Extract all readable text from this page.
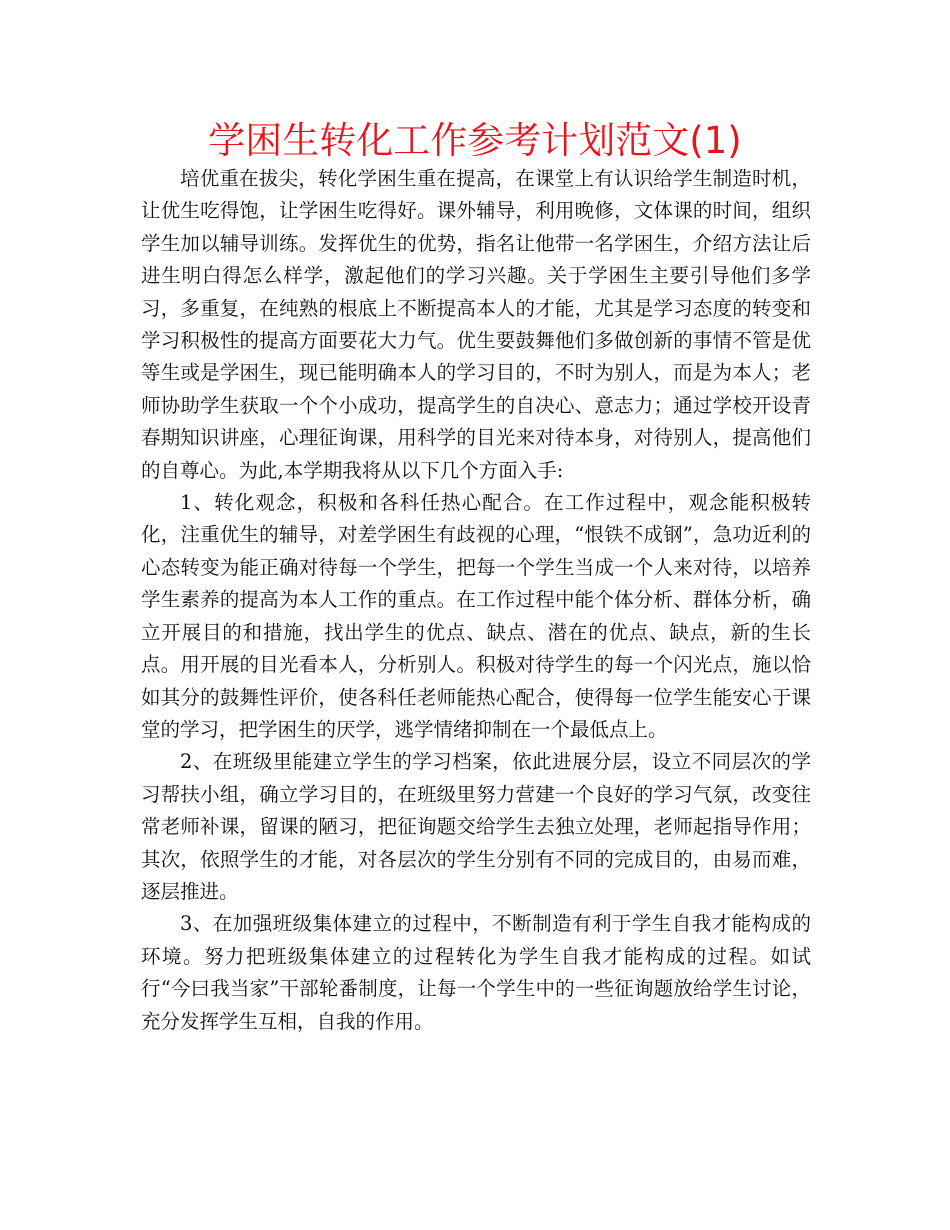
学困生转化工作参考计划范文(1)

培优重在拔尖，转化学困生重在提高，在课堂上有认识给学生制造时机，让优生吃得饱，让学困生吃得好。课外辅导，利用晚修，文体课的时间，组织学生加以辅导训练。发挥优生的优势，指名让他带一名学困生，介绍方法让后进生明白得怎么样学，激起他们的学习兴趣。关于学困生主要引导他们多学习，多重复，在纯熟的根底上不断提高本人的才能，尤其是学习态度的转变和学习积极性的提高方面要花大力气。优生要鼓舞他们多做创新的事情不管是优等生或是学困生，现已能明确本人的学习目的，不时为别人，而是为本人；老师协助学生获取一个个小成功，提高学生的自决心、意志力；通过学校开设青春期知识讲座，心理征询课，用科学的目光来对待本身，对待别人，提高他们的自尊心。为此,本学期我将从以下几个方面入手:

1、转化观念，积极和各科任热心配合。在工作过程中，观念能积极转化，注重优生的辅导，对差学困生有歧视的心理，“恨铁不成钢”，急功近利的心态转变为能正确对待每一个学生，把每一个学生当成一个人来对待，以培养学生素养的提高为本人工作的重点。在工作过程中能个体分析、群体分析，确立开展目的和措施，找出学生的优点、缺点、潜在的优点、缺点，新的生长点。用开展的目光看本人，分析别人。积极对待学生的每一个闪光点，施以恰如其分的鼓舞性评价，使各科任老师能热心配合，使得每一位学生能安心于课堂的学习，把学困生的厌学，逃学情绪抑制在一个最低点上。

2、在班级里能建立学生的学习档案，依此进展分层，设立不同层次的学习帮扶小组，确立学习目的，在班级里努力营建一个良好的学习气氛，改变往常老师补课，留课的陋习，把征询题交给学生去独立处理，老师起指导作用；其次，依照学生的才能，对各层次的学生分别有不同的完成目的，由易而难，逐层推进。

3、在加强班级集体建立的过程中，不断制造有利于学生自我才能构成的环境。努力把班级集体建立的过程转化为学生自我才能构成的过程。如试行“今曰我当家”干部轮番制度，让每一个学生中的一些征询题放给学生讨论，充分发挥学生互相，自我的作用。
